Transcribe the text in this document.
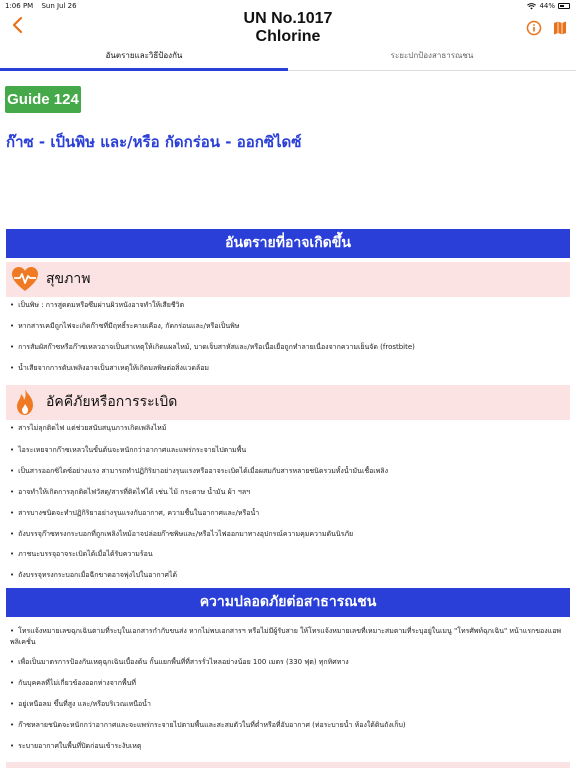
1:06 PM Sun Jul 26	44%
UN No.1017
Chlorine
อันตรายและวิธีป้องกัน	ระยะปกป้องสาธารณชน
Guide 124
ก๊าซ - เป็นพิษ และ/หรือ กัดกร่อน - ออกซิไดซ์
อันตรายที่อาจเกิดขึ้น
สุขภาพ
• เป็นพิษ : การสูดดมหรือซึมผ่านผิวหนังอาจทำให้เสียชีวิต
• หากสารเคมีถูกไฟจะเกิดก๊าซที่มีฤทธิ์ระคายเคือง, กัดกร่อนและ/หรือเป็นพิษ
• การสัมผัสก๊าซหรือก๊าซเหลวอาจเป็นสาเหตุให้เกิดแผลไหม้, บาดเจ็บสาหัสและ/หรือเนื้อเยื่อถูกทำลายเนื่องจากความเย็นจัด (frostbite)
• น้ำเสียจากการดับเพลิงอาจเป็นสาเหตุให้เกิดมลพิษต่อสิ่งแวดล้อม
อัคคีภัยหรือการระเบิด
• สารไม่ลุกติดไฟ แต่ช่วยสนับสนุนการเกิดเพลิงไหม้
• ไอระเหยจากก๊าซเหลวในขั้นต้นจะหนักกว่าอากาศและแพร่กระจายไปตามพื้น
• เป็นสารออกซิไดซ์อย่างแรง สามารถทำปฏิกิริยาอย่างรุนแรงหรืออาจระเบิดได้เมื่อผสมกับสารหลายชนิดรวมทั้งน้ำมันเชื้อเพลิง
• อาจทำให้เกิดการลุกติดไฟวัสดุ/สารที่ติดไฟได้ เช่น ไม้ กระดาษ น้ำมัน ผ้า ฯลฯ
• สารบางชนิดจะทำปฏิกิริยาอย่างรุนแรงกับอากาศ, ความชื้นในอากาศและ/หรือน้ำ
• ถังบรรจุก๊าซทรงกระบอกที่ถูกเพลิงไหม้อาจปล่อยก๊าซพิษและ/หรือไวไฟออกมาทางอุปกรณ์ความคุมความดันนิรภัย
• ภาชนะบรรจุอาจระเบิดได้เมื่อได้รับความร้อน
• ถังบรรจุทรงกระบอกเมื่อฉีกขาดอาจพุ่งไปในอากาศได้
ความปลอดภัยต่อสาธารณชน
• โทรแจ้งหมายเลขฉุกเฉินตามที่ระบุในเอกสารกำกับขนส่ง หากไม่พบเอกสารฯ หรือไม่มีผู้รับสาย ให้โทรแจ้งหมายเลขที่เหมาะสมตามที่ระบุอยู่ในเมนู "โทรศัพท์ฉุกเฉิน" หน้าแรกของแอพพลิเคชั่น
• เพื่อเป็นมาตรการป้องกันเหตุฉุกเฉินเบื้องต้น กั้นแยกพื้นที่ที่สารรั่วไหลอย่างน้อย 100 เมตร (330 ฟุต) ทุกทิศทาง
• กันบุคคลที่ไม่เกี่ยวข้องออกห่างจากพื้นที่
• อยู่เหนือลม ขึ้นที่สูง และ/หรือบริเวณเหนือน้ำ
• ก๊าซหลายชนิดจะหนักกว่าอากาศและจะแพร่กระจายไปตามพื้นและสะสมตัวในที่ต่ำหรือที่อับอากาศ (ท่อระบายน้ำ ห้องใต้ดินถังเก็บ)
• ระบายอากาศในพื้นที่ปิดก่อนเข้าระงับเหตุ
